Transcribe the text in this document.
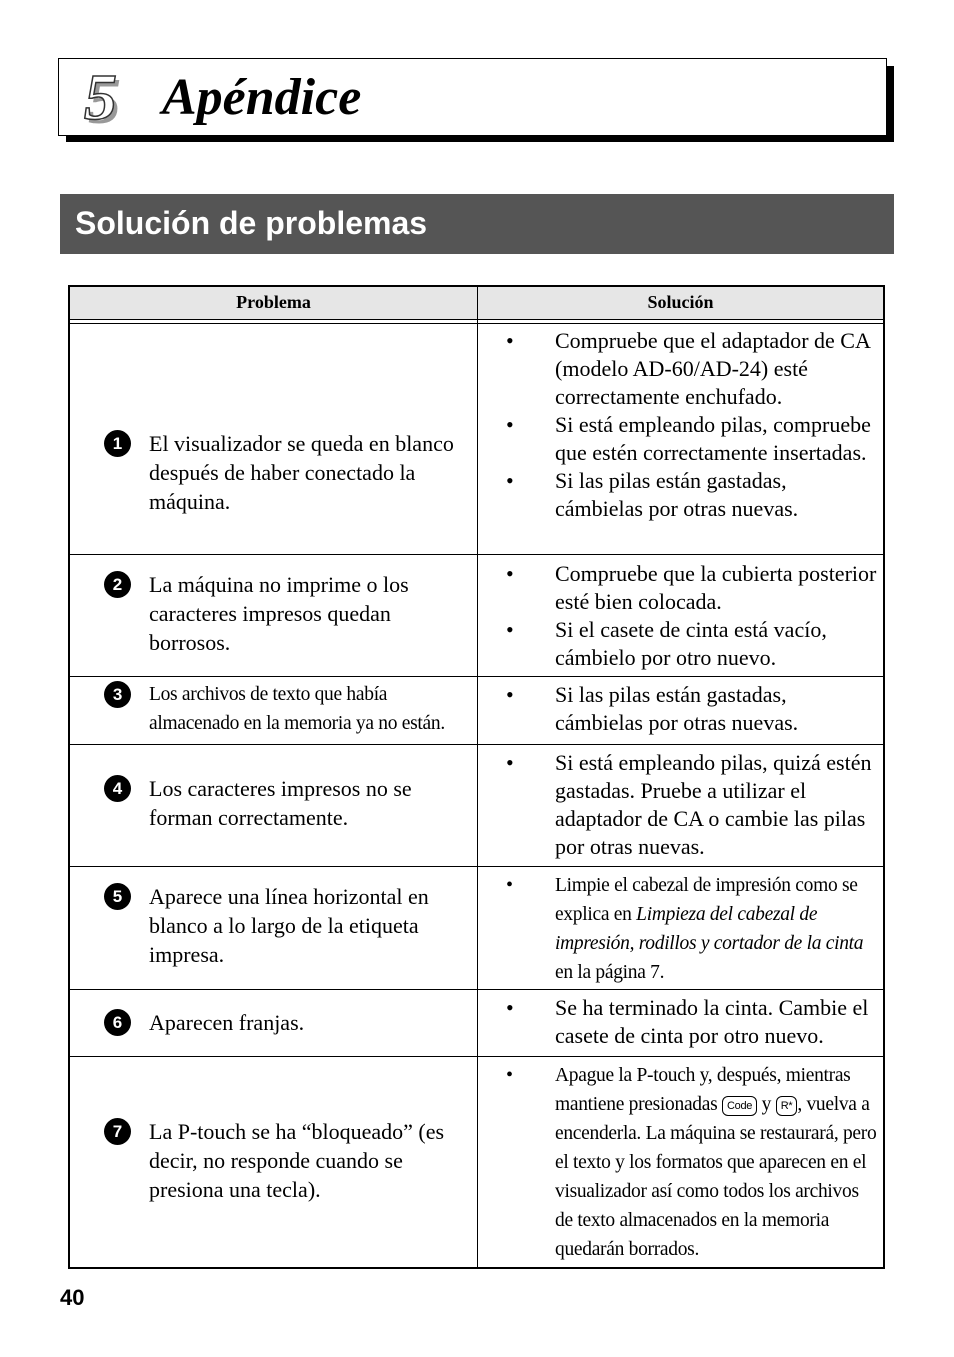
5 Apéndice
Solución de problemas
Problema	Solución
1	El visualizador se queda en blanco después de haber conectado la máquina.
• Compruebe que el adaptador de CA (modelo AD-60/AD-24) esté correctamente enchufado.
• Si está empleando pilas, compruebe que estén correctamente insertadas.
• Si las pilas están gastadas, cámbielas por otras nuevas.
2	La máquina no imprime o los caracteres impresos quedan borrosos.
• Compruebe que la cubierta posterior esté bien colocada.
• Si el casete de cinta está vacío, cámbielo por otro nuevo.
3	Los archivos de texto que había almacenado en la memoria ya no están.
• Si las pilas están gastadas, cámbielas por otras nuevas.
4	Los caracteres impresos no se forman correctamente.
• Si está empleando pilas, quizá estén gastadas. Pruebe a utilizar el adaptador de CA o cambie las pilas por otras nuevas.
5	Aparece una línea horizontal en blanco a lo largo de la etiqueta impresa.
• Limpie el cabezal de impresión como se explica en Limpieza del cabezal de impresión, rodillos y cortador de la cinta en la página 7.
6	Aparecen franjas.
• Se ha terminado la cinta. Cambie el casete de cinta por otro nuevo.
7	La P-touch se ha “bloqueado” (es decir, no responde cuando se presiona una tecla).
• Apague la P-touch y, después, mientras mantiene presionadas Code y R* , vuelva a encenderla. La máquina se restaurará, pero el texto y los formatos que aparecen en el visualizador así como todos los archivos de texto almacenados en la memoria quedarán borrados.
40
